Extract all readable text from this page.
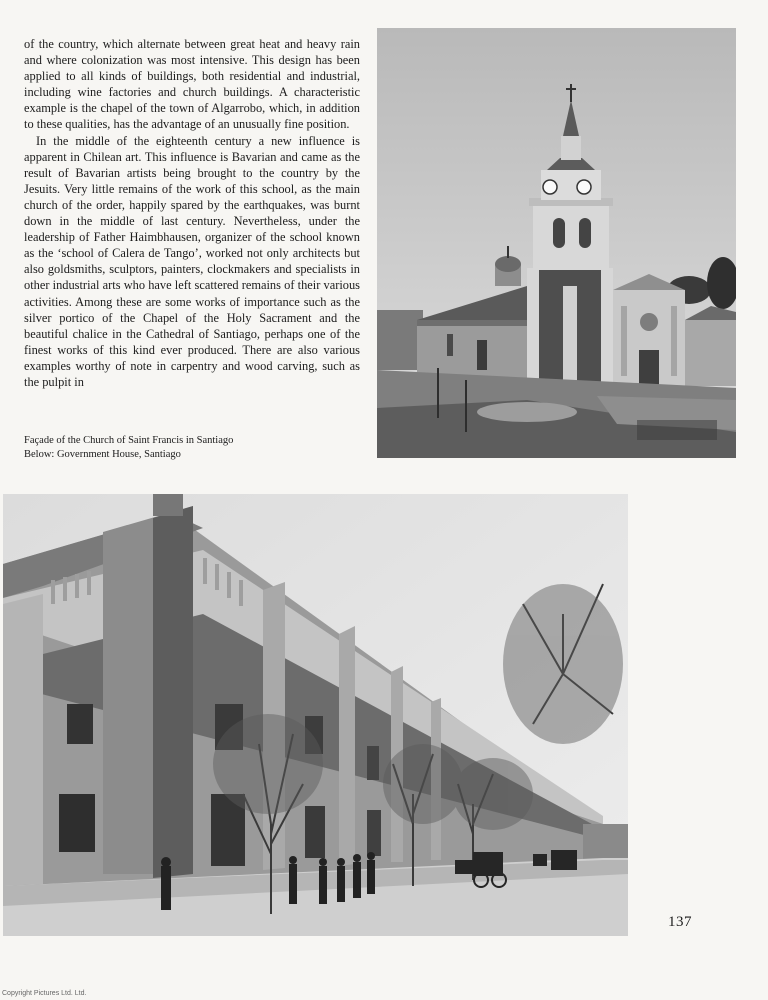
of the country, which alternate between great heat and heavy rain and where colonization was most intensive. This design has been applied to all kinds of buildings, both residential and industrial, including wine factories and church buildings. A characteristic example is the chapel of the town of Algarrobo, which, in addition to these qualities, has the advantage of an unusually fine position.

In the middle of the eighteenth century a new influence is apparent in Chilean art. This influence is Bavarian and came as the result of Bavarian artists being brought to the country by the Jesuits. Very little remains of the work of this school, as the main church of the order, happily spared by the earthquakes, was burnt down in the middle of last century. Nevertheless, under the leadership of Father Haimbhausen, organizer of the school known as the ‘school of Calera de Tango’, worked not only architects but also goldsmiths, sculptors, painters, clockmakers and specialists in other industrial arts who have left scattered remains of their various activities. Among these are some works of importance such as the silver portico of the Chapel of the Holy Sacrament and the beautiful chalice in the Cathedral of Santiago, perhaps one of the finest works of this kind ever produced. There are also various examples worthy of note in carpentry and wood carving, such as the pulpit in

Façade of the Church of Saint Francis in Santiago
Below: Government House, Santiago
137
Copyright Pictures Ltd. Ltd.
